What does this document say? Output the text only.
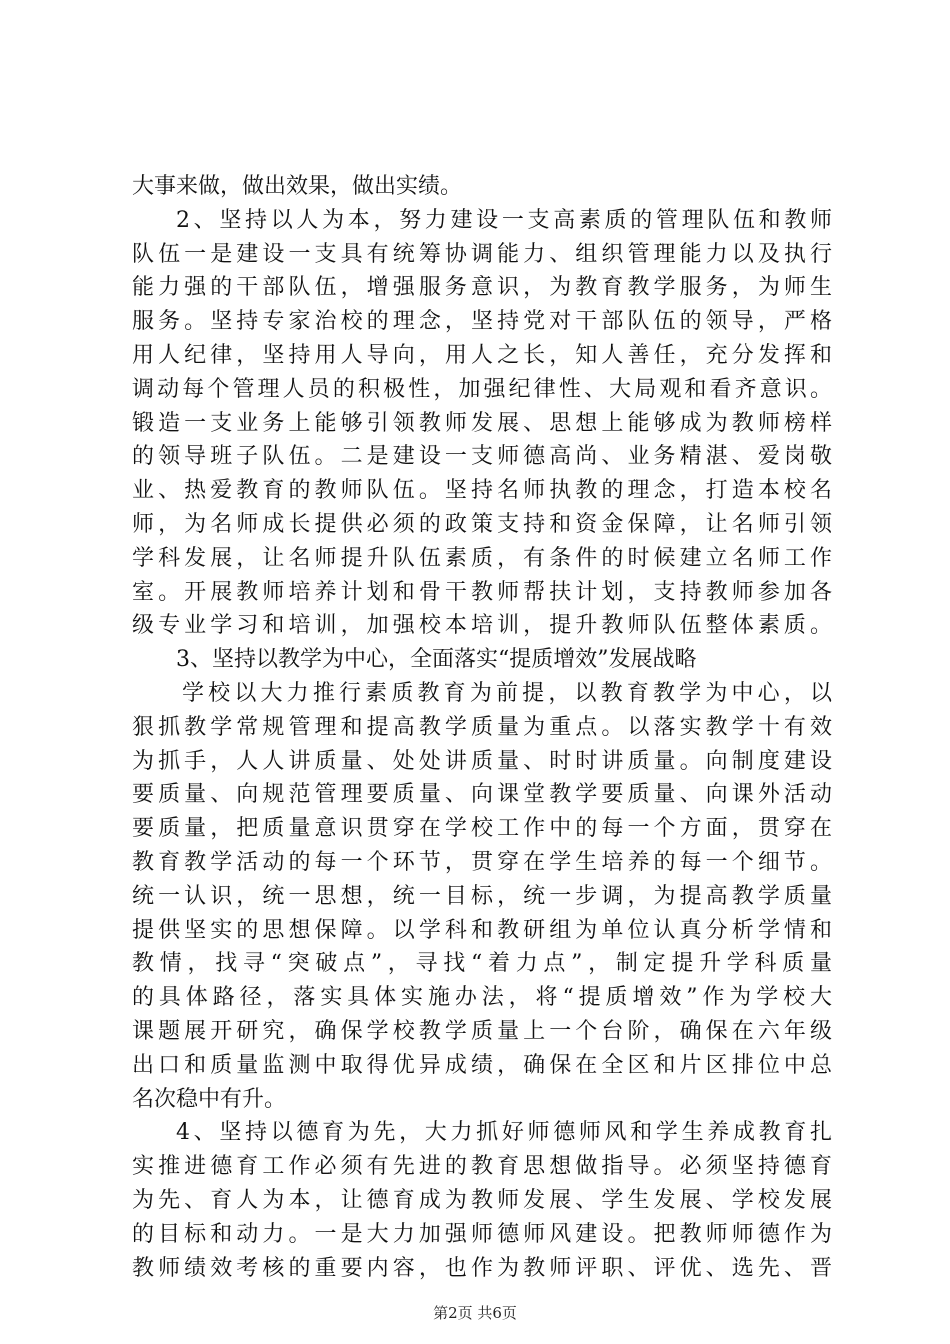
大事来做，做出效果，做出实绩。
2、坚持以人为本，努力建设一支高素质的管理队伍和教师
队伍一是建设一支具有统筹协调能力、组织管理能力以及执行
能力强的干部队伍，增强服务意识，为教育教学服务，为师生
服务。坚持专家治校的理念，坚持党对干部队伍的领导，严格
用人纪律，坚持用人导向，用人之长，知人善任，充分发挥和
调动每个管理人员的积极性，加强纪律性、大局观和看齐意识。
锻造一支业务上能够引领教师发展、思想上能够成为教师榜样
的领导班子队伍。二是建设一支师德高尚、业务精湛、爱岗敬
业、热爱教育的教师队伍。坚持名师执教的理念，打造本校名
师，为名师成长提供必须的政策支持和资金保障，让名师引领
学科发展，让名师提升队伍素质，有条件的时候建立名师工作
室。开展教师培养计划和骨干教师帮扶计划，支持教师参加各
级专业学习和培训，加强校本培训，提升教师队伍整体素质。
3、坚持以教学为中心，全面落实“提质增效”发展战略
学校以大力推行素质教育为前提，以教育教学为中心，以
狠抓教学常规管理和提高教学质量为重点。以落实教学十有效
为抓手，人人讲质量、处处讲质量、时时讲质量。向制度建设
要质量、向规范管理要质量、向课堂教学要质量、向课外活动
要质量，把质量意识贯穿在学校工作中的每一个方面，贯穿在
教育教学活动的每一个环节，贯穿在学生培养的每一个细节。
统一认识，统一思想，统一目标，统一步调，为提高教学质量
提供坚实的思想保障。以学科和教研组为单位认真分析学情和
教情，找寻“突破点”，寻找“着力点”，制定提升学科质量
的具体路径，落实具体实施办法，将“提质增效”作为学校大
课题展开研究，确保学校教学质量上一个台阶，确保在六年级
出口和质量监测中取得优异成绩，确保在全区和片区排位中总
名次稳中有升。
4、坚持以德育为先，大力抓好师德师风和学生养成教育扎
实推进德育工作必须有先进的教育思想做指导。必须坚持德育
为先、育人为本，让德育成为教师发展、学生发展、学校发展
的目标和动力。一是大力加强师德师风建设。把教师师德作为
教师绩效考核的重要内容，也作为教师评职、评优、选先、晋
第2页 共6页
